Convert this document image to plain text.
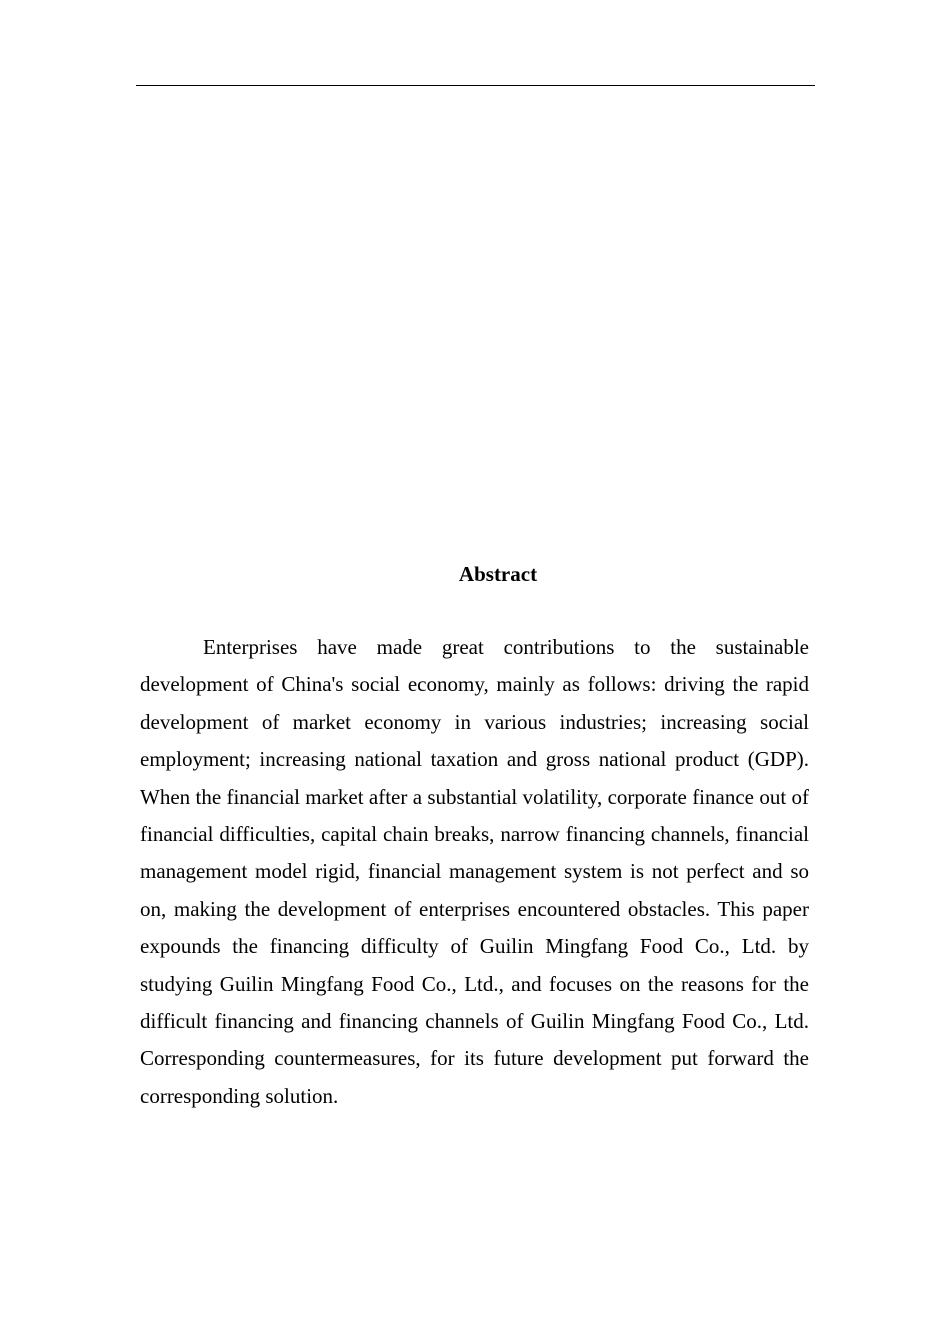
Abstract

Enterprises have made great contributions to the sustainable development of China's social economy, mainly as follows: driving the rapid development of market economy in various industries; increasing social employment; increasing national taxation and gross national product (GDP). When the financial market after a substantial volatility, corporate finance out of financial difficulties, capital chain breaks, narrow financing channels, financial management model rigid, financial management system is not perfect and so on, making the development of enterprises encountered obstacles. This paper expounds the financing difficulty of Guilin Mingfang Food Co., Ltd. by studying Guilin Mingfang Food Co., Ltd., and focuses on the reasons for the difficult financing and financing channels of Guilin Mingfang Food Co., Ltd. Corresponding countermeasures, for its future development put forward the corresponding solution.
